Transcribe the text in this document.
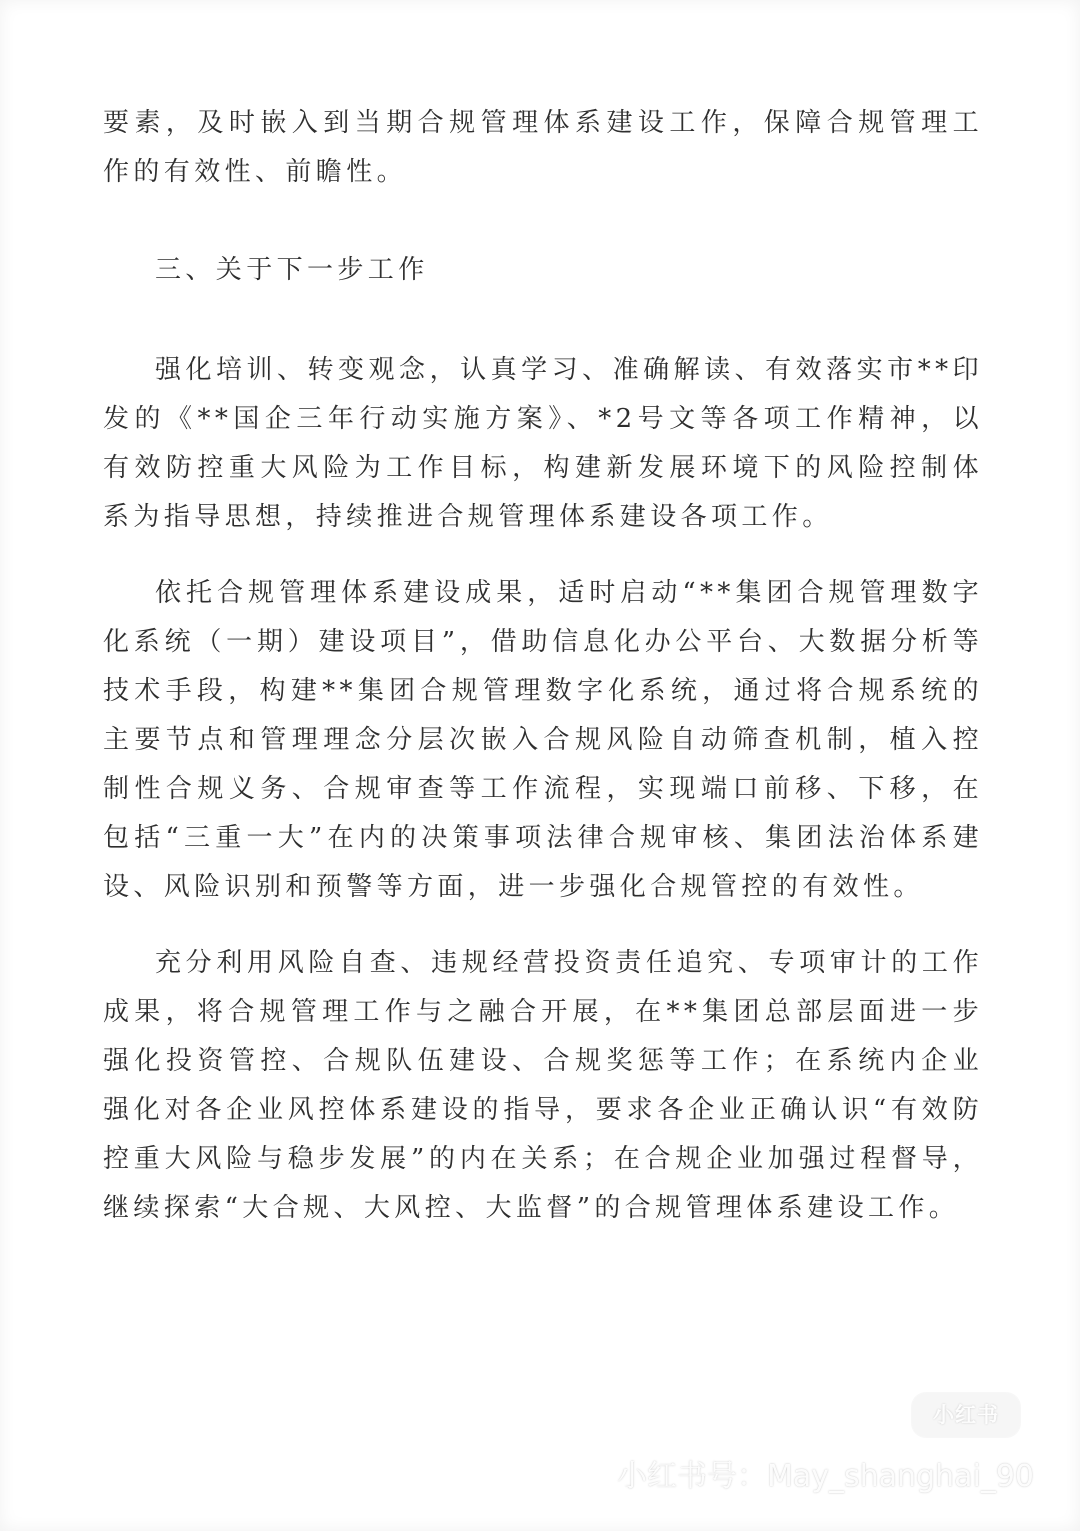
要素，及时嵌入到当期合规管理体系建设工作，保障合规管理工作的有效性、前瞻性。

三、关于下一步工作

强化培训、转变观念，认真学习、准确解读、有效落实市**印发的《**国企三年行动实施方案》、*2号文等各项工作精神，以有效防控重大风险为工作目标，构建新发展环境下的风险控制体系为指导思想，持续推进合规管理体系建设各项工作。

依托合规管理体系建设成果，适时启动“**集团合规管理数字化系统（一期）建设项目”，借助信息化办公平台、大数据分析等技术手段，构建**集团合规管理数字化系统，通过将合规系统的主要节点和管理理念分层次嵌入合规风险自动筛查机制，植入控制性合规义务、合规审查等工作流程，实现端口前移、下移，在包括“三重一大”在内的决策事项法律合规审核、集团法治体系建设、风险识别和预警等方面，进一步强化合规管控的有效性。

充分利用风险自查、违规经营投资责任追究、专项审计的工作成果，将合规管理工作与之融合开展，在**集团总部层面进一步强化投资管控、合规队伍建设、合规奖惩等工作；在系统内企业强化对各企业风控体系建设的指导，要求各企业正确认识“有效防控重大风险与稳步发展”的内在关系；在合规企业加强过程督导，继续探索“大合规、大风控、大监督”的合规管理体系建设工作。

小红书
小红书号：May_shanghai_90
